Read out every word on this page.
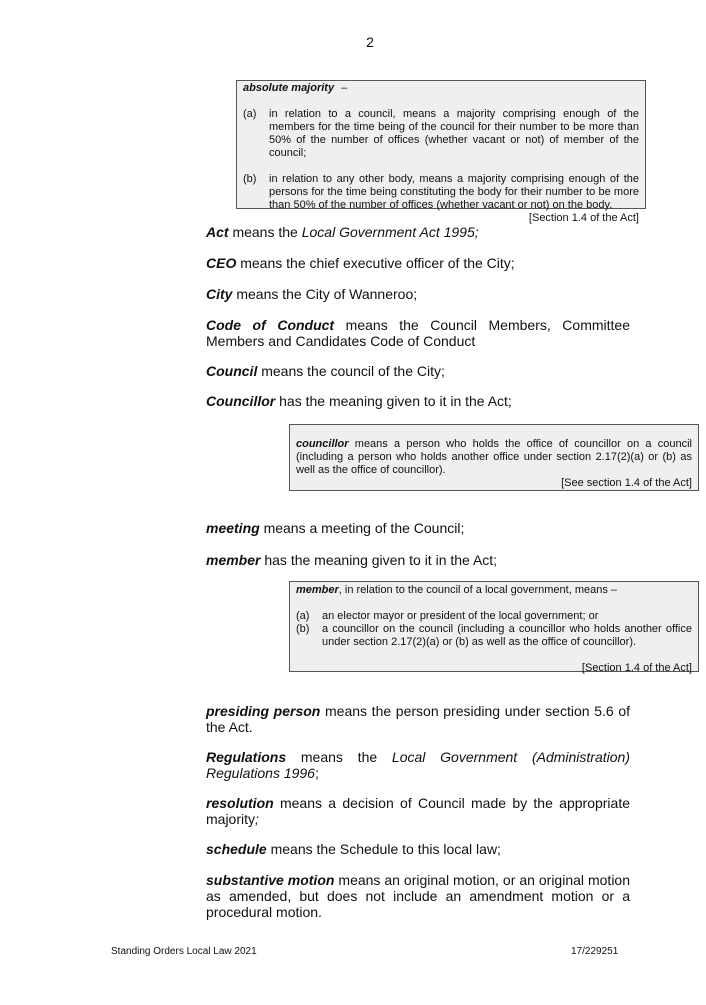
2
absolute majority –
(a)	in relation to a council, means a majority comprising enough of the members for the time being of the council for their number to be more than 50% of the number of offices (whether vacant or not) of member of the council;
(b)	in relation to any other body, means a majority comprising enough of the persons for the time being constituting the body for their number to be more than 50% of the number of offices (whether vacant or not) on the body.
[Section 1.4 of the Act]
Act means the Local Government Act 1995;
CEO means the chief executive officer of the City;
City means the City of Wanneroo;
Code of Conduct means the Council Members, Committee Members and Candidates Code of Conduct
Council means the council of the City;
Councillor has the meaning given to it in the Act;
councillor means a person who holds the office of councillor on a council (including a person who holds another office under section 2.17(2)(a) or (b) as well as the office of councillor).
[See section 1.4 of the Act]
meeting means a meeting of the Council;
member has the meaning given to it in the Act;
member, in relation to the council of a local government, means –
(a)	an elector mayor or president of the local government; or
(b)	a councillor on the council (including a councillor who holds another office under section 2.17(2)(a) or (b) as well as the office of councillor).
[Section 1.4 of the Act]
presiding person means the person presiding under section 5.6 of the Act.
Regulations means the Local Government (Administration) Regulations 1996;
resolution means a decision of Council made by the appropriate majority;
schedule means the Schedule to this local law;
substantive motion means an original motion, or an original motion as amended, but does not include an amendment motion or a procedural motion.
Standing Orders Local Law 2021	17/229251
